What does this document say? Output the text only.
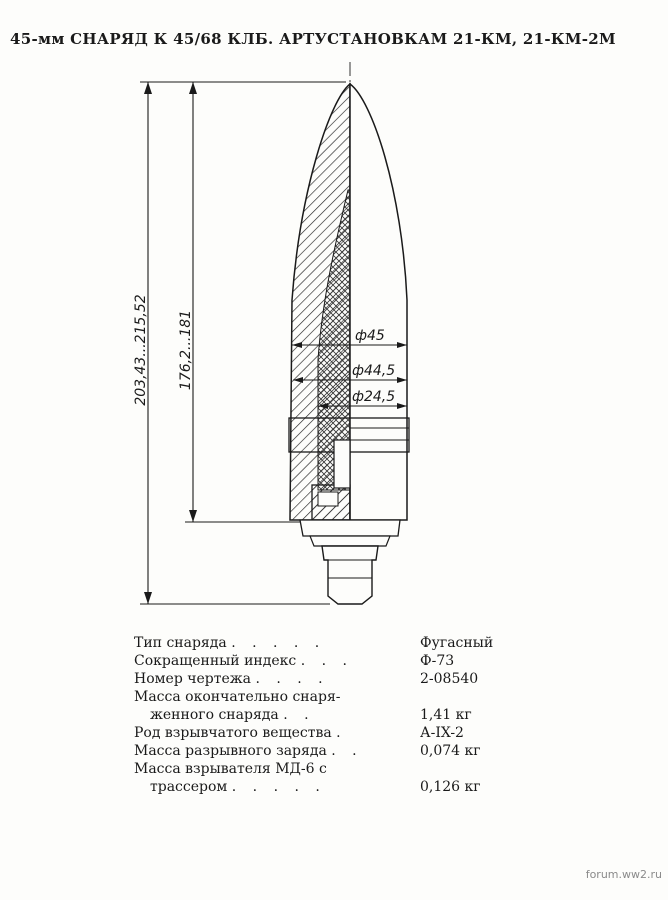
45-мм СНАРЯД К 45/68 КЛБ. АРТУСТАНОВКАМ 21-КМ, 21-КМ-2М
203,43...215,52 176,2...181	ф45
ф44,5
ф24,5
Тип снаряда . . . . .	Фугасный
Сокращенный индекс . . .	Ф-73
Номер чертежа . . . .	2-08540
Масса окончательно снаря-	
женного снаряда . .	1,41 кг
Род взрывчатого вещества .	А-IX-2
Масса разрывного заряда . .	0,074 кг
Масса взрывателя МД-6 с	
трассером . . . . .	0,126 кг
forum.ww2.ru
